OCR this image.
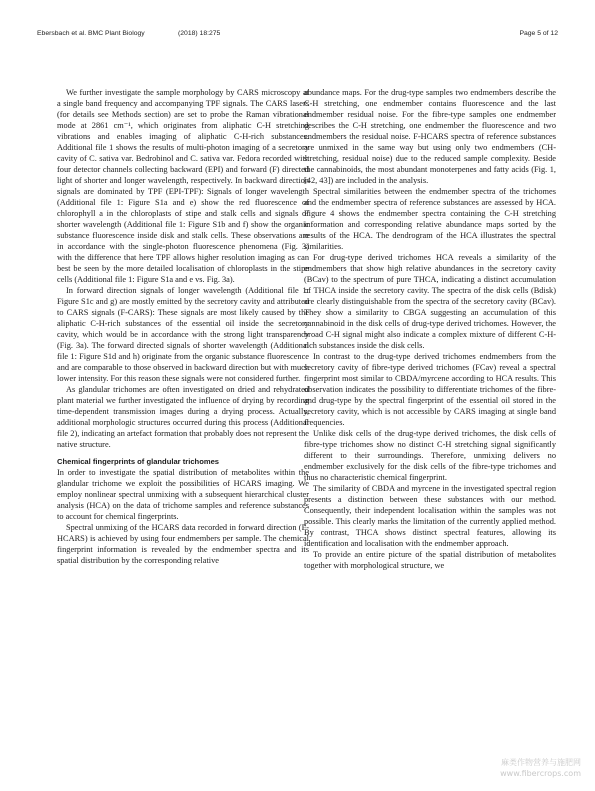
Ebersbach et al. BMC Plant Biology	(2018) 18:275	Page 5 of 12

We further investigate the sample morphology by CARS microscopy at a single band frequency and accompanying TPF signals. The CARS lasers (for details see Methods section) are set to probe the Raman vibrational mode at 2861 cm⁻¹, which originates from aliphatic C-H stretching vibrations and enables imaging of aliphatic C-H-rich substances. Additional file 1 shows the results of multi-photon imaging of a secretory cavity of C. sativa var. Bedrobinol and C. sativa var. Fedora recorded with four detector channels collecting backward (EPI) and forward (F) directed light of shorter and longer wavelength, respectively. In backward direction signals are dominated by TPF (EPI-TPF): Signals of longer wavelength (Additional file 1: Figure S1a and e) show the red fluorescence of chlorophyll a in the chloroplasts of stipe and stalk cells and signals of shorter wavelength (Additional file 1: Figure S1b and f) show the organic substance fluorescence inside disk and stalk cells. These observations are in accordance with the single-photon fluorescence phenomena (Fig. 3) with the difference that here TPF allows higher resolution imaging as can best be seen by the more detailed localisation of chloroplasts in the stipe cells (Additional file 1: Figure S1a and e vs. Fig. 3a).

In forward direction signals of longer wavelength (Additional file 1: Figure S1c and g) are mostly emitted by the secretory cavity and attributed to CARS signals (F-CARS): These signals are most likely caused by the aliphatic C-H-rich substances of the essential oil inside the secretory cavity, which would be in accordance with the strong light transparency (Fig. 3a). The forward directed signals of shorter wavelength (Additional file 1: Figure S1d and h) originate from the organic substance fluorescence and are comparable to those observed in backward direction but with much lower intensity. For this reason these signals were not considered further.

As glandular trichomes are often investigated on dried and rehydrated plant material we further investigated the influence of drying by recording time-dependent transmission images during a drying process. Actually, additional morphologic structures occurred during this process (Additional file 2), indicating an artefact formation that probably does not represent the native structure.

Chemical fingerprints of glandular trichomes

In order to investigate the spatial distribution of metabolites within the glandular trichome we exploit the possibilities of HCARS imaging. We employ nonlinear spectral unmixing with a subsequent hierarchical cluster analysis (HCA) on the data of trichome samples and reference substances to account for chemical fingerprints.

Spectral unmixing of the HCARS data recorded in forward direction (F-HCARS) is achieved by using four endmembers per sample. The chemical fingerprint information is revealed by the endmember spectra and its spatial distribution by the corresponding relative

abundance maps. For the drug-type samples two endmembers describe the C-H stretching, one endmember contains fluorescence and the last endmember residual noise. For the fibre-type samples one endmember describes the C-H stretching, one endmember the fluorescence and two endmembers the residual noise. F-HCARS spectra of reference substances are unmixed in the same way but using only two endmembers (CH-stretching, residual noise) due to the reduced sample complexity. Beside the cannabinoids, the most abundant monoterpenes and fatty acids (Fig. 1, [42, 43]) are included in the analysis.

Spectral similarities between the endmember spectra of the trichomes and the endmember spectra of reference substances are assessed by HCA. Figure 4 shows the endmember spectra containing the C-H stretching information and corresponding relative abundance maps sorted by the results of the HCA. The dendrogram of the HCA illustrates the spectral similarities.

For drug-type derived trichomes HCA reveals a similarity of the endmembers that show high relative abundances in the secretory cavity (BCav) to the spectrum of pure THCA, indicating a distinct accumulation of THCA inside the secretory cavity. The spectra of the disk cells (Bdisk) are clearly distinguishable from the spectra of the secretory cavity (BCav). They show a similarity to CBGA suggesting an accumulation of this cannabinoid in the disk cells of drug-type derived trichomes. However, the broad C-H signal might also indicate a complex mixture of different C-H-rich substances inside the disk cells.

In contrast to the drug-type derived trichomes endmembers from the secretory cavity of fibre-type derived trichomes (FCav) reveal a spectral fingerprint most similar to CBDA/myrcene according to HCA results. This observation indicates the possibility to differentiate trichomes of the fibre- and drug-type by the spectral fingerprint of the essential oil stored in the secretory cavity, which is not accessible by CARS imaging at single band frequencies.

Unlike disk cells of the drug-type derived trichomes, the disk cells of fibre-type trichomes show no distinct C-H stretching signal significantly different to their surroundings. Therefore, unmixing delivers no endmember exclusively for the disk cells of the fibre-type trichomes and thus no characteristic chemical fingerprint.

The similarity of CBDA and myrcene in the investigated spectral region presents a distinction between these substances with our method. Consequently, their independent localisation within the samples was not possible. This clearly marks the limitation of the currently applied method. By contrast, THCA shows distinct spectral features, allowing its identification and localisation with the endmember approach.

To provide an entire picture of the spatial distribution of metabolites together with morphological structure, we

麻类作物营养与施肥网
www.fibercrops.com
